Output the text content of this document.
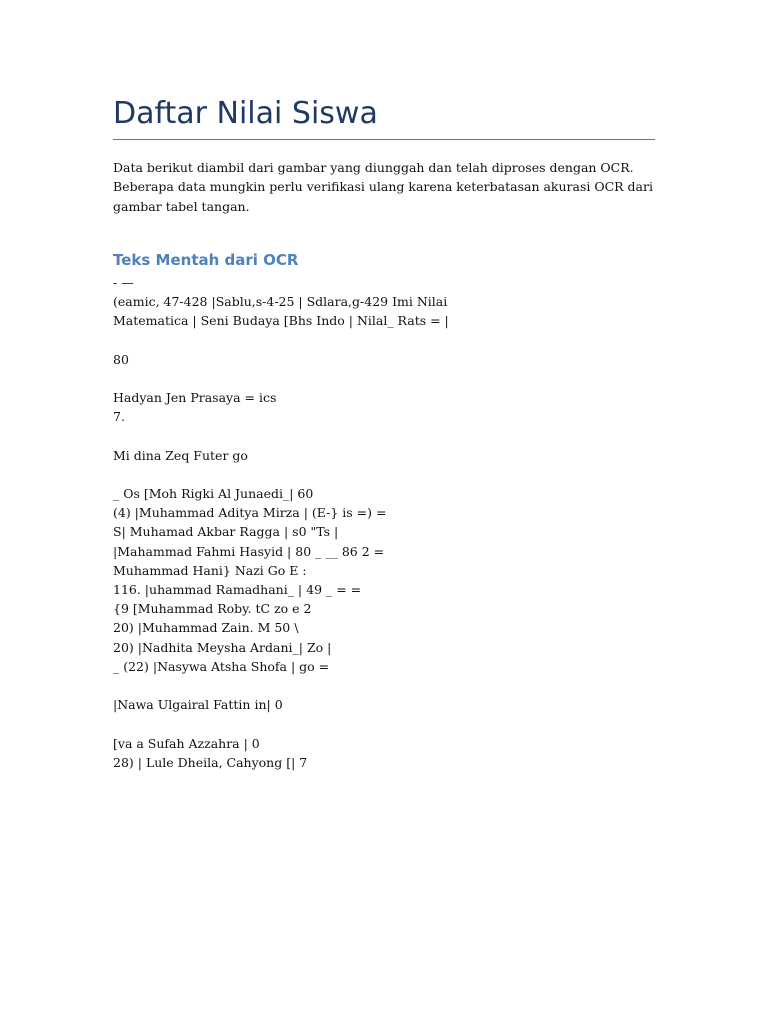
Daftar Nilai Siswa

Data berikut diambil dari gambar yang diunggah dan telah diproses dengan OCR. Beberapa data mungkin perlu verifikasi ulang karena keterbatasan akurasi OCR dari gambar tabel tangan.

Teks Mentah dari OCR
- —
(eamic, 47-428 |Sablu,s-4-25 | Sdlara,g-429 Imi Nilai
Matematica | Seni Budaya [Bhs Indo | Nilal_ Rats = |
80
Hadyan Jen Prasaya = ics
7.
Mi dina Zeq Futer go
_ Os [Moh Rigki Al Junaedi_| 60
(4) |Muhammad Aditya Mirza | (E-} is =) =
S| Muhamad Akbar Ragga | s0 "Ts |
|Mahammad Fahmi Hasyid | 80 _ __ 86 2 =
Muhammad Hani} Nazi Go E :
116. |uhammad Ramadhani_ | 49 _ = =
{9 [Muhammad Roby. tC zo e 2
20) |Muhammad Zain. M 50 \
20) |Nadhita Meysha Ardani_| Zo |
_ (22) |Nasywa Atsha Shofa | go =
|Nawa Ulgairal Fattin in| 0
[va a Sufah Azzahra | 0
28) | Lule Dheila, Cahyong [| 7
